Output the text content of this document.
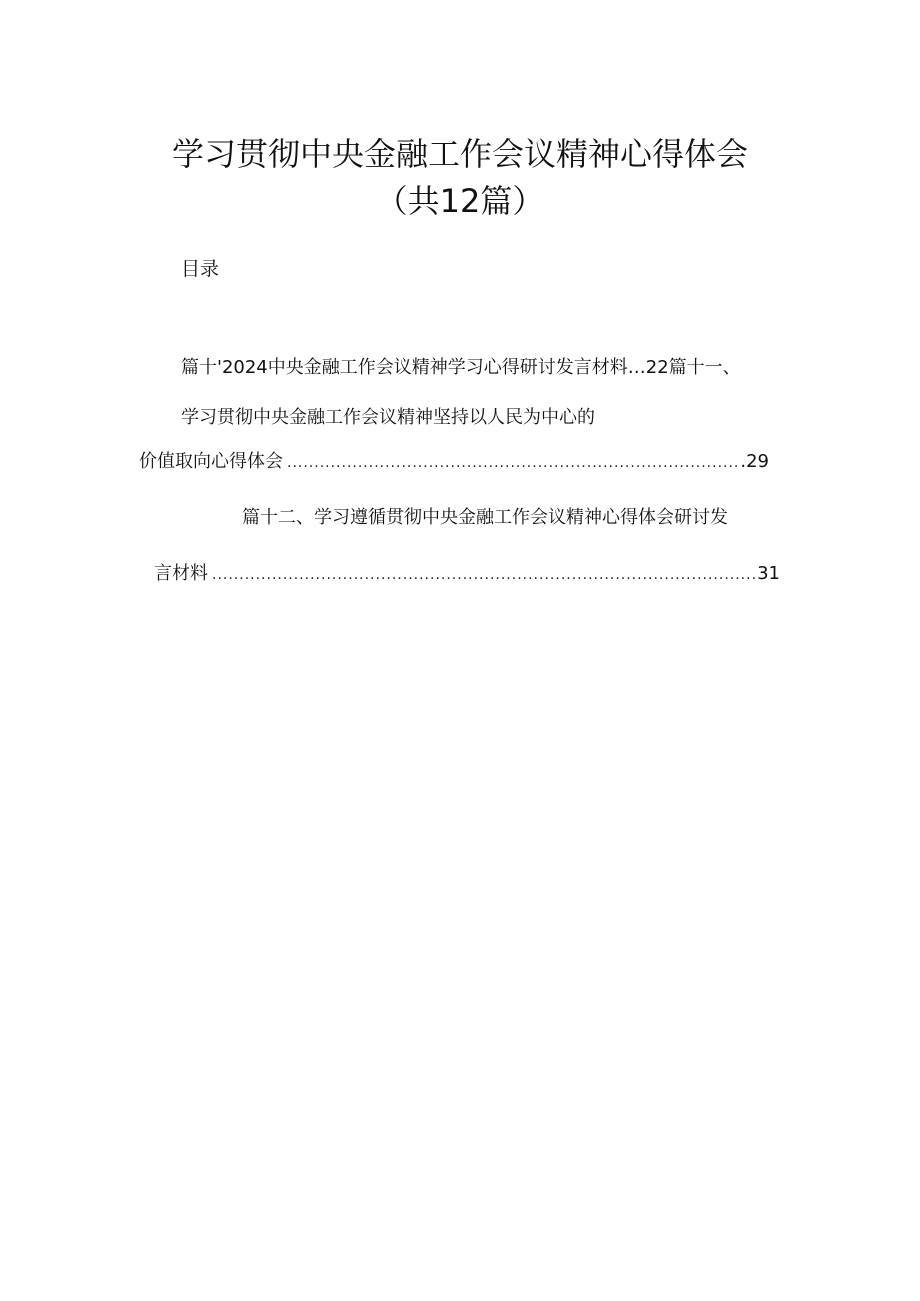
学习贯彻中央金融工作会议精神心得体会
（共12篇）
目录
篇十'2024中央金融工作会议精神学习心得研讨发言材料…22篇十一、
学习贯彻中央金融工作会议精神坚持以人民为中心的
价值取向心得体会 .....	.29
篇十二、学习遵循贯彻中央金融工作会议精神心得体会研讨发
言材料 .....	31
